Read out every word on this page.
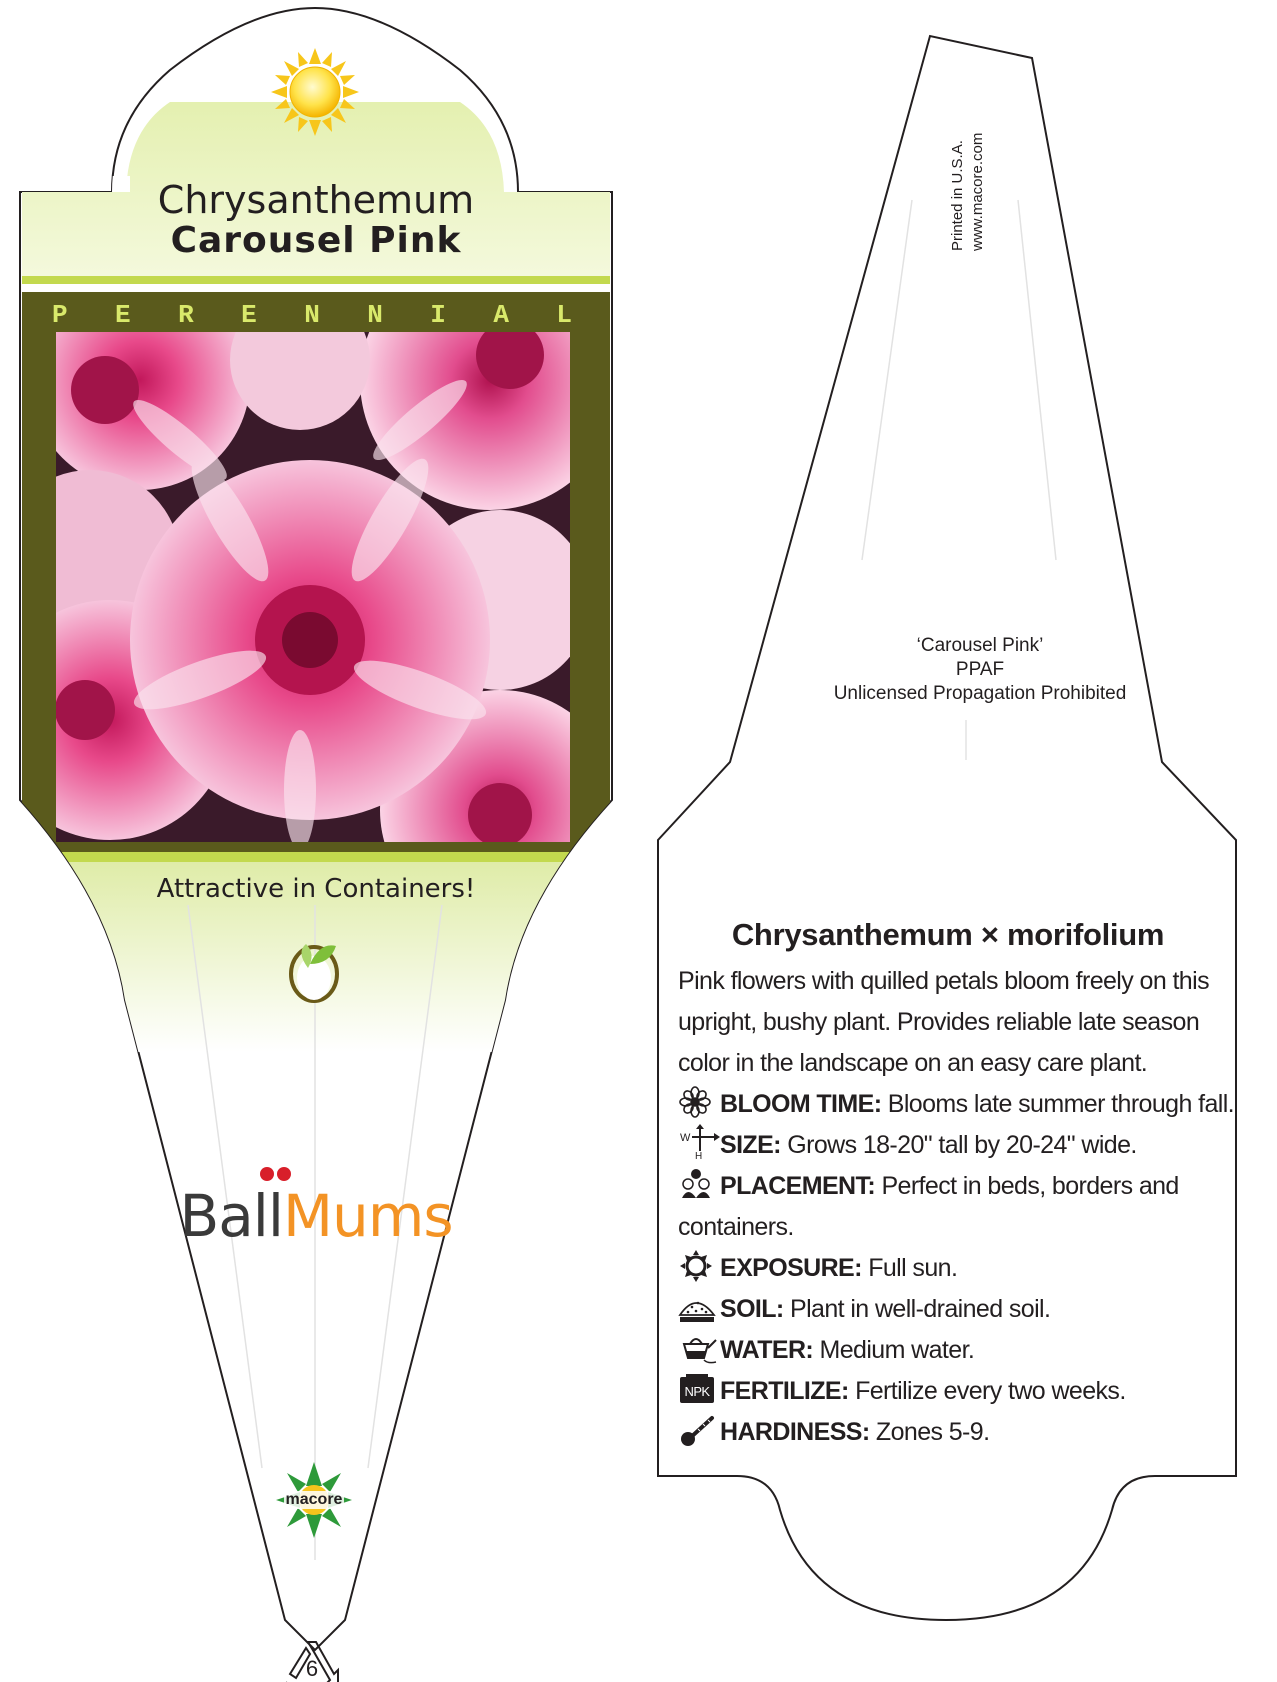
Chrysanthemum
Carousel Pink
P E R E N N I A L
Attractive in Containers!
BallMums
6
macore
Printed in U.S.A. www.macore.com
‘Carousel Pink’
PPAF
Unlicensed Propagation Prohibited
Chrysanthemum × morifolium
Pink flowers with quilled petals bloom freely on this upright, bushy plant. Provides reliable late season color in the landscape on an easy care plant.
BLOOM TIME: Blooms late summer through fall.
W
H SIZE: Grows 18-20" tall by 20-24" wide.
PLACEMENT: Perfect in beds, borders and containers.
EXPOSURE: Full sun.
SOIL: Plant in well-drained soil.
WATER: Medium water.
NPK FERTILIZE: Fertilize every two weeks.
HARDINESS: Zones 5-9.
